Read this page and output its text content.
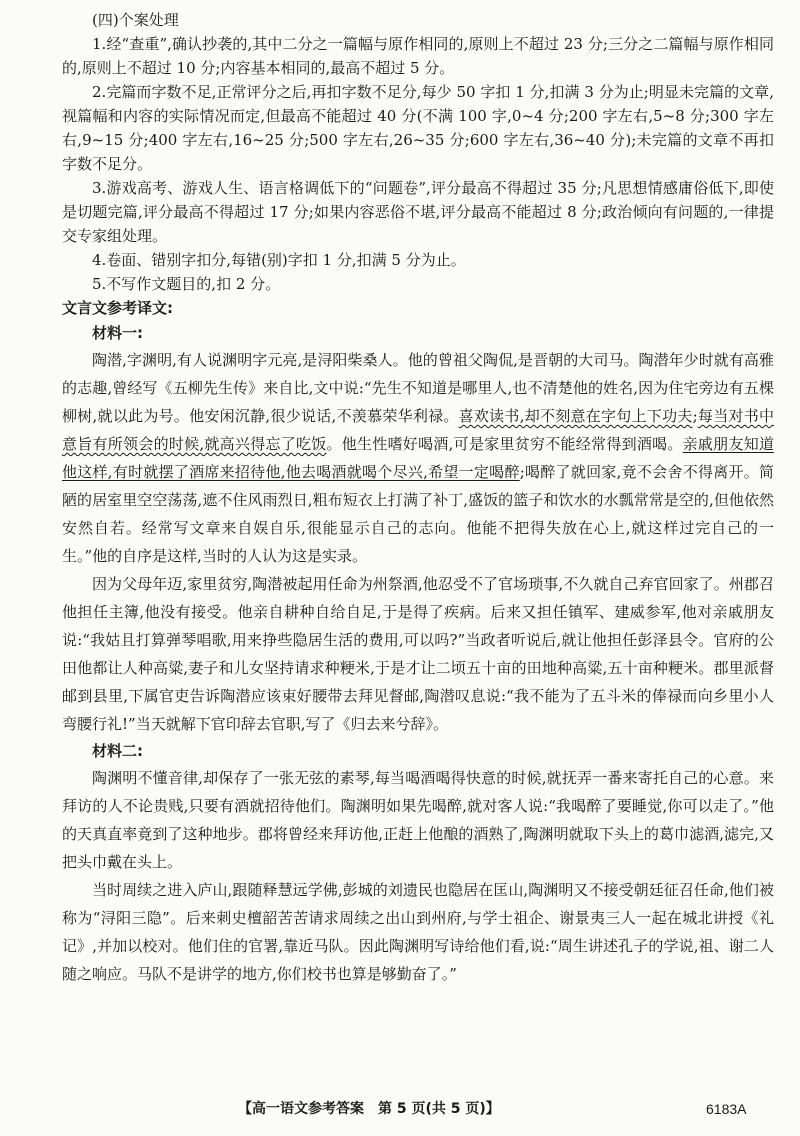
(四)个案处理

1.经“查重”,确认抄袭的,其中二分之一篇幅与原作相同的,原则上不超过 23 分;三分之二篇幅与原作相同的,原则上不超过 10 分;内容基本相同的,最高不超过 5 分。

2.完篇而字数不足,正常评分之后,再扣字数不足分,每少 50 字扣 1 分,扣满 3 分为止;明显未完篇的文章,视篇幅和内容的实际情况而定,但最高不能超过 40 分(不满 100 字,0~4 分;200 字左右,5~8 分;300 字左右,9~15 分;400 字左右,16~25 分;500 字左右,26~35 分;600 字左右,36~40 分);未完篇的文章不再扣字数不足分。

3.游戏高考、游戏人生、语言格调低下的“问题卷”,评分最高不得超过 35 分;凡思想情感庸俗低下,即使是切题完篇,评分最高不得超过 17 分;如果内容恶俗不堪,评分最高不能超过 8 分;政治倾向有问题的,一律提交专家组处理。

4.卷面、错别字扣分,每错(别)字扣 1 分,扣满 5 分为止。

5.不写作文题目的,扣 2 分。

文言文参考译文:

材料一:

陶潜,字渊明,有人说渊明字元亮,是浔阳柴桑人。他的曾祖父陶侃,是晋朝的大司马。陶潜年少时就有高雅的志趣,曾经写《五柳先生传》来自比,文中说:“先生不知道是哪里人,也不清楚他的姓名,因为住宅旁边有五棵柳树,就以此为号。他安闲沉静,很少说话,不羡慕荣华利禄。喜欢读书,却不刻意在字句上下功夫;每当对书中意旨有所领会的时候,就高兴得忘了吃饭。他生性嗜好喝酒,可是家里贫穷不能经常得到酒喝。亲戚朋友知道他这样,有时就摆了酒席来招待他,他去喝酒就喝个尽兴,希望一定喝醉;喝醉了就回家,竟不会舍不得离开。简陋的居室里空空荡荡,遮不住风雨烈日,粗布短衣上打满了补丁,盛饭的篮子和饮水的水瓢常常是空的,但他依然安然自若。经常写文章来自娱自乐,很能显示自己的志向。他能不把得失放在心上,就这样过完自己的一生。”他的自序是这样,当时的人认为这是实录。

因为父母年迈,家里贫穷,陶潜被起用任命为州祭酒,他忍受不了官场琐事,不久就自己弃官回家了。州郡召他担任主簿,他没有接受。他亲自耕种自给自足,于是得了疾病。后来又担任镇军、建威参军,他对亲戚朋友说:“我姑且打算弹琴唱歌,用来挣些隐居生活的费用,可以吗?”当政者听说后,就让他担任彭泽县令。官府的公田他都让人种高粱,妻子和儿女坚持请求种粳米,于是才让二顷五十亩的田地种高粱,五十亩种粳米。郡里派督邮到县里,下属官吏告诉陶潜应该束好腰带去拜见督邮,陶潜叹息说:“我不能为了五斗米的俸禄而向乡里小人弯腰行礼!”当天就解下官印辞去官职,写了《归去来兮辞》。

材料二:

陶渊明不懂音律,却保存了一张无弦的素琴,每当喝酒喝得快意的时候,就抚弄一番来寄托自己的心意。来拜访的人不论贵贱,只要有酒就招待他们。陶渊明如果先喝醉,就对客人说:“我喝醉了要睡觉,你可以走了。”他的天真直率竟到了这种地步。郡将曾经来拜访他,正赶上他酿的酒熟了,陶渊明就取下头上的葛巾滤酒,滤完,又把头巾戴在头上。

当时周续之进入庐山,跟随释慧远学佛,彭城的刘遗民也隐居在匡山,陶渊明又不接受朝廷征召任命,他们被称为“浔阳三隐”。后来刺史檀韶苦苦请求周续之出山到州府,与学士祖企、谢景夷三人一起在城北讲授《礼记》,并加以校对。他们住的官署,靠近马队。因此陶渊明写诗给他们看,说:“周生讲述孔子的学说,祖、谢二人随之响应。马队不是讲学的地方,你们校书也算是够勤奋了。”

【高一语文参考答案　第 5 页(共 5 页)】	6183A
